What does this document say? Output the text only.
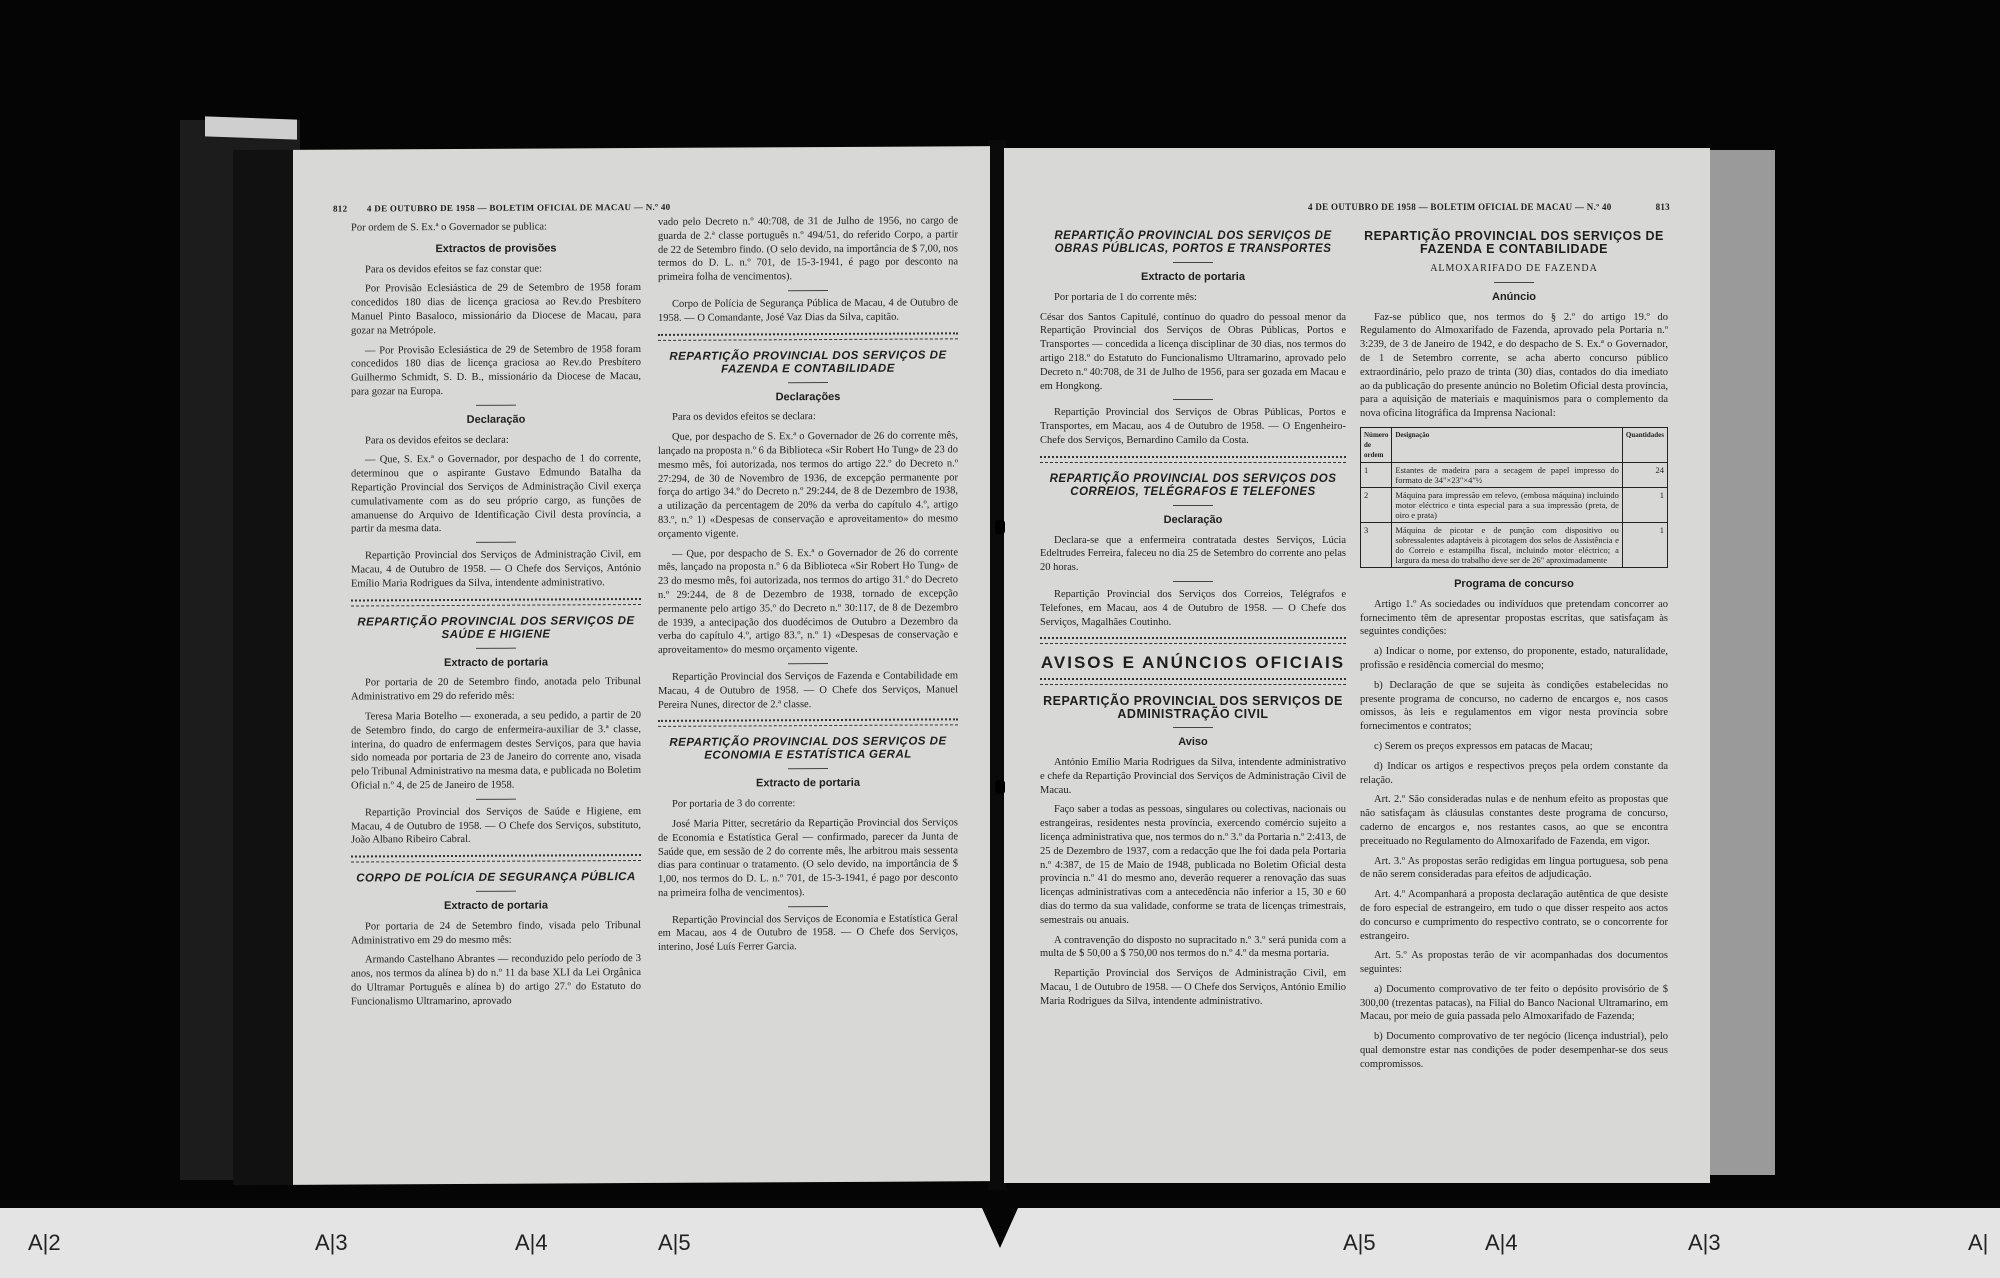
812 4 DE OUTUBRO DE 1958 — BOLETIM OFICIAL DE MACAU — N.º 40

Por ordem de S. Ex.ª o Governador se publica:

Extractos de provisões

Para os devidos efeitos se faz constar que:

Por Provisão Eclesiástica de 29 de Setembro de 1958 foram concedidos 180 dias de licença graciosa ao Rev.do Presbítero Manuel Pinto Basaloco, missionário da Diocese de Macau, para gozar na Metrópole.

— Por Provisão Eclesiástica de 29 de Setembro de 1958 foram concedidos 180 dias de licença graciosa ao Rev.do Presbítero Guilhermo Schmidt, S. D. B., missionário da Diocese de Macau, para gozar na Europa.

Declaração

Para os devidos efeitos se declara:

— Que, S. Ex.ª o Governador, por despacho de 1 do corrente, determinou que o aspirante Gustavo Edmundo Batalha da Repartição Provincial dos Serviços de Administração Civil exerça cumulativamente com as do seu próprio cargo, as funções de amanuense do Arquivo de Identificação Civil desta província, a partir da mesma data.

Repartição Provincial dos Serviços de Administração Civil, em Macau, 4 de Outubro de 1958. — O Chefe dos Serviços, António Emílio Maria Rodrigues da Silva, intendente administrativo.

REPARTIÇÃO PROVINCIAL DOS SERVIÇOS DE SAÚDE E HIGIENE
Extracto de portaria

Por portaria de 20 de Setembro findo, anotada pelo Tribunal Administrativo em 29 do referido mês:

Teresa Maria Botelho — exonerada, a seu pedido, a partir de 20 de Setembro findo, do cargo de enfermeira-auxiliar de 3.ª classe, interina, do quadro de enfermagem destes Serviços, para que havia sido nomeada por portaria de 23 de Janeiro do corrente ano, visada pelo Tribunal Administrativo na mesma data, e publicada no Boletim Oficial n.º 4, de 25 de Janeiro de 1958.

Repartição Provincial dos Serviços de Saúde e Higiene, em Macau, 4 de Outubro de 1958. — O Chefe dos Serviços, substituto, João Albano Ribeiro Cabral.

CORPO DE POLÍCIA DE SEGURANÇA PÚBLICA
Extracto de portaria

Por portaria de 24 de Setembro findo, visada pelo Tribunal Administrativo em 29 do mesmo mês:

Armando Castelhano Abrantes — reconduzido pelo período de 3 anos, nos termos da alínea b) do n.º 11 da base XLI da Lei Orgânica do Ultramar Português e alínea b) do artigo 27.º do Estatuto do Funcionalismo Ultramarino, aprovado

vado pelo Decreto n.º 40:708, de 31 de Julho de 1956, no cargo de guarda de 2.ª classe português n.º 494/51, do referido Corpo, a partir de 22 de Setembro findo. (O selo devido, na importância de $ 7,00, nos termos do D. L. n.º 701, de 15-3-1941, é pago por desconto na primeira folha de vencimentos).

Corpo de Polícia de Segurança Pública de Macau, 4 de Outubro de 1958. — O Comandante, José Vaz Dias da Silva, capitão.

REPARTIÇÃO PROVINCIAL DOS SERVIÇOS DE FAZENDA E CONTABILIDADE
Declarações

Para os devidos efeitos se declara:

Que, por despacho de S. Ex.ª o Governador de 26 do corrente mês, lançado na proposta n.º 6 da Biblioteca «Sir Robert Ho Tung» de 23 do mesmo mês, foi autorizada, nos termos do artigo 22.º do Decreto n.º 27:294, de 30 de Novembro de 1936, de excepção permanente por força do artigo 34.º do Decreto n.º 29:244, de 8 de Dezembro de 1938, a utilização da percentagem de 20% da verba do capítulo 4.º, artigo 83.º, n.º 1) «Despesas de conservação e aproveitamento» do mesmo orçamento vigente.

— Que, por despacho de S. Ex.ª o Governador de 26 do corrente mês, lançado na proposta n.º 6 da Biblioteca «Sir Robert Ho Tung» de 23 do mesmo mês, foi autorizada, nos termos do artigo 31.º do Decreto n.º 29:244, de 8 de Dezembro de 1938, tornado de excepção permanente pelo artigo 35.º do Decreto n.º 30:117, de 8 de Dezembro de 1939, a antecipação dos duodécimos de Outubro a Dezembro da verba do capítulo 4.º, artigo 83.º, n.º 1) «Despesas de conservação e aproveitamento» do mesmo orçamento vigente.

Repartição Provincial dos Serviços de Fazenda e Contabilidade em Macau, 4 de Outubro de 1958. — O Chefe dos Serviços, Manuel Pereira Nunes, director de 2.ª classe.

REPARTIÇÃO PROVINCIAL DOS SERVIÇOS DE ECONOMIA E ESTATÍSTICA GERAL
Extracto de portaria

Por portaria de 3 do corrente:

José Maria Pitter, secretário da Repartição Provincial dos Serviços de Economia e Estatística Geral — confirmado, parecer da Junta de Saúde que, em sessão de 2 do corrente mês, lhe arbitrou mais sessenta dias para continuar o tratamento. (O selo devido, na importância de $ 1,00, nos termos do D. L. n.º 701, de 15-3-1941, é pago por desconto na primeira folha de vencimentos).

Repartição Provincial dos Serviços de Economia e Estatística Geral em Macau, aos 4 de Outubro de 1958. — O Chefe dos Serviços, interino, José Luís Ferrer Garcia.

4 DE OUTUBRO DE 1958 — BOLETIM OFICIAL DE MACAU — N.º 40	813
REPARTIÇÃO PROVINCIAL DOS SERVIÇOS DE OBRAS PÚBLICAS, PORTOS E TRANSPORTES
Extracto de portaria

Por portaria de 1 do corrente mês:

César dos Santos Capitulé, contínuo do quadro do pessoal menor da Repartição Provincial dos Serviços de Obras Públicas, Portos e Transportes — concedida a licença disciplinar de 30 dias, nos termos do artigo 218.º do Estatuto do Funcionalismo Ultramarino, aprovado pelo Decreto n.º 40:708, de 31 de Julho de 1956, para ser gozada em Macau e em Hongkong.

Repartição Provincial dos Serviços de Obras Públicas, Portos e Transportes, em Macau, aos 4 de Outubro de 1958. — O Engenheiro-Chefe dos Serviços, Bernardino Camilo da Costa.

REPARTIÇÃO PROVINCIAL DOS SERVIÇOS DOS CORREIOS, TELÉGRAFOS E TELEFONES
Declaração

Declara-se que a enfermeira contratada destes Serviços, Lúcia Edeltrudes Ferreira, faleceu no dia 25 de Setembro do corrente ano pelas 20 horas.

Repartição Provincial dos Serviços dos Correios, Telégrafos e Telefones, em Macau, aos 4 de Outubro de 1958. — O Chefe dos Serviços, Magalhães Coutinho.

AVISOS E ANÚNCIOS OFICIAIS
REPARTIÇÃO PROVINCIAL DOS SERVIÇOS DE ADMINISTRAÇÃO CIVIL
Aviso

António Emílio Maria Rodrigues da Silva, intendente administrativo e chefe da Repartição Provincial dos Serviços de Administração Civil de Macau.

Faço saber a todas as pessoas, singulares ou colectivas, nacionais ou estrangeiras, residentes nesta província, exercendo comércio sujeito a licença administrativa que, nos termos do n.º 3.º da Portaria n.º 2:413, de 25 de Dezembro de 1937, com a redacção que lhe foi dada pela Portaria n.º 4:387, de 15 de Maio de 1948, publicada no Boletim Oficial desta província n.º 41 do mesmo ano, deverão requerer a renovação das suas licenças administrativas com a antecedência não inferior a 15, 30 e 60 dias do termo da sua validade, conforme se trata de licenças trimestrais, semestrais ou anuais.

A contravenção do disposto no supracitado n.º 3.º será punida com a multa de $ 50,00 a $ 750,00 nos termos do n.º 4.º da mesma portaria.

Repartição Provincial dos Serviços de Administração Civil, em Macau, 1 de Outubro de 1958. — O Chefe dos Serviços, António Emílio Maria Rodrigues da Silva, intendente administrativo.

REPARTIÇÃO PROVINCIAL DOS SERVIÇOS DE FAZENDA E CONTABILIDADE
ALMOXARIFADO DE FAZENDA
Anúncio

Faz-se público que, nos termos do § 2.º do artigo 19.º do Regulamento do Almoxarifado de Fazenda, aprovado pela Portaria n.º 3:239, de 3 de Janeiro de 1942, e do despacho de S. Ex.ª o Governador, de 1 de Setembro corrente, se acha aberto concurso público extraordinário, pelo prazo de trinta (30) dias, contados do dia imediato ao da publicação do presente anúncio no Boletim Oficial desta província, para a aquisição de materiais e maquinismos para o complemento da nova oficina litográfica da Imprensa Nacional:

Número de ordem	Designação	Quantidades
1	Estantes de madeira para a secagem de papel impresso do formato de 34"×23"×4"½	24
2	Máquina para impressão em relevo, (embosa máquina) incluindo motor eléctrico e tinta especial para a sua impressão (preta, de oiro e prata)	1
3	Máquina de picotar e de punção com dispositivo ou sobressalentes adaptáveis à picotagem dos selos de Assistência e do Correio e estampilha fiscal, incluindo motor eléctrico; a largura da mesa do trabalho deve ser de 26" aproximadamente	1
Programa de concurso

Artigo 1.º As sociedades ou indivíduos que pretendam concorrer ao fornecimento têm de apresentar propostas escritas, que satisfaçam às seguintes condições:

a) Indicar o nome, por extenso, do proponente, estado, naturalidade, profissão e residência comercial do mesmo;

b) Declaração de que se sujeita às condições estabelecidas no presente programa de concurso, no caderno de encargos e, nos casos omissos, às leis e regulamentos em vigor nesta província sobre fornecimentos e contratos;

c) Serem os preços expressos em patacas de Macau;

d) Indicar os artigos e respectivos preços pela ordem constante da relação.

Art. 2.º São consideradas nulas e de nenhum efeito as propostas que não satisfaçam às cláusulas constantes deste programa de concurso, caderno de encargos e, nos restantes casos, ao que se encontra preceituado no Regulamento do Almoxarifado de Fazenda, em vigor.

Art. 3.º As propostas serão redigidas em língua portuguesa, sob pena de não serem consideradas para efeitos de adjudicação.

Art. 4.º Acompanhará a proposta declaração autêntica de que desiste de foro especial de estrangeiro, em tudo o que disser respeito aos actos do concurso e cumprimento do respectivo contrato, se o concorrente for estrangeiro.

Art. 5.º As propostas terão de vir acompanhadas dos documentos seguintes:

a) Documento comprovativo de ter feito o depósito provisório de $ 300,00 (trezentas patacas), na Filial do Banco Nacional Ultramarino, em Macau, por meio de guia passada pelo Almoxarifado de Fazenda;

b) Documento comprovativo de ter negócio (licença industrial), pelo qual demonstre estar nas condições de poder desempenhar-se dos seus compromissos.

A|2	A|3	A|4	A|5	A|5	A|4	A|3	A|
